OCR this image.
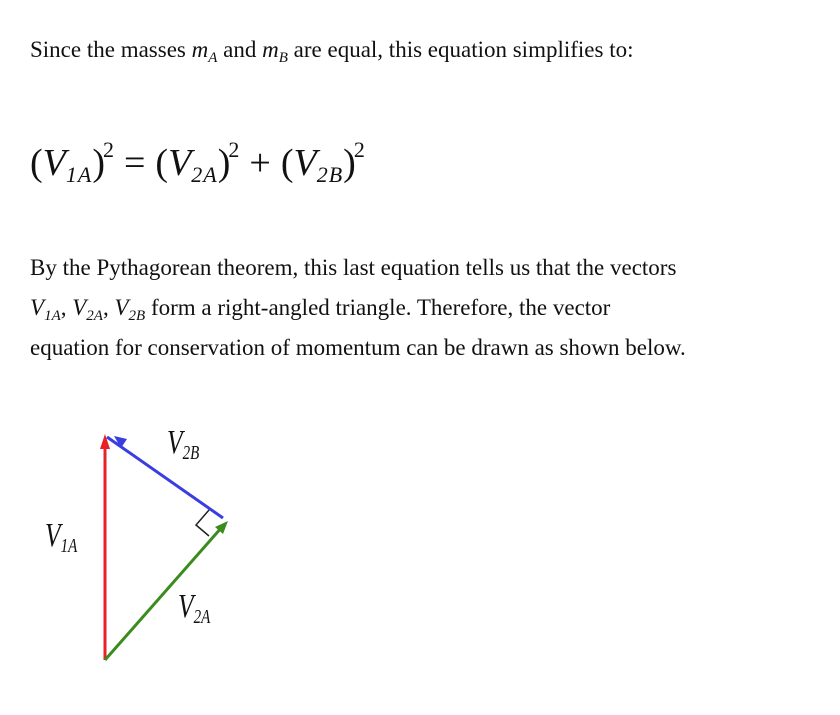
Since the masses $m_A$ and $m_B$ are equal, this equation simplifies to:

$(V1A)^2 = (V2A)^2 + (V2B)^2$

By the Pythagorean theorem, this last equation tells us that the vectors

$V_{1A}$, $V_{2A}$, $V_{2B}$ form a right-angled triangle. Therefore, the vector

equation for conservation of momentum can be drawn as shown below.

V2B
V1A
V2A
